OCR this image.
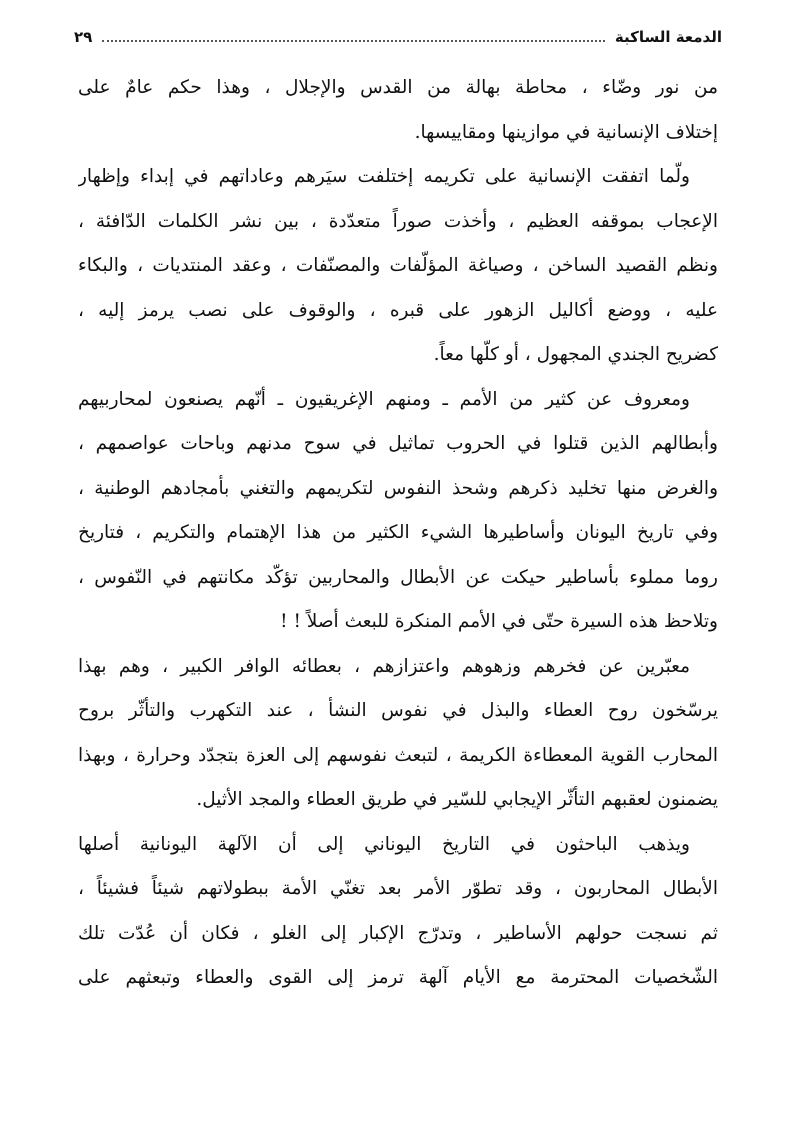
الدمعة الساكبة
٢٩
من نور وضّاء ، محاطة بهالة من القدس والإجلال ، وهذا حكم عامٌ على
إختلاف الإنسانية في موازينها ومقاييسها.
ولّما اتفقت الإنسانية على تكريمه إختلفت سيَرهم وعاداتهم في إبداء وإظهار
الإعجاب بموقفه العظيم ، وأخذت صوراً متعدّدة ، بين نشر الكلمات الدّافئة ،
ونظم القصيد الساخن ، وصياغة المؤلّفات والمصنّفات ، وعقد المنتديات ، والبكاء
عليه ، ووضع أكاليل الزهور على قبره ، والوقوف على نصب يرمز إليه ،
كضريح الجندي المجهول ، أو كلّها معاً.
ومعروف عن كثير من الأمم ـ ومنهم الإغريقيون ـ أنّهم يصنعون لمحاربيهم
وأبطالهم الذين قتلوا في الحروب تماثيل في سوح مدنهم وباحات عواصمهم ،
والغرض منها تخليد ذكرهم وشحذ النفوس لتكريمهم والتغني بأمجادهم الوطنية ،
وفي تاريخ اليونان وأساطيرها الشيء الكثير من هذا الإهتمام والتكريم ، فتاريخ
روما مملوء بأساطير حيكت عن الأبطال والمحاربين تؤكّد مكانتهم في النّفوس ،
وتلاحظ هذه السيرة حتّى في الأمم المنكرة للبعث أصلاً ! !
معبّرين عن فخرهم وزهوهم واعتزازهم ، بعطائه الوافر الكبير ، وهم بهذا
يرسّخون روح العطاء والبذل في نفوس النشأ ، عند التكهرب والتأثّر بروح
المحارب القوية المعطاءة الكريمة ، لتبعث نفوسهم إلى العزة بتجدّد وحرارة ، وبهذا
يضمنون لعقبهم التأثّر الإيجابي للسّير في طريق العطاء والمجد الأثيل.
ويذهب الباحثون في التاريخ اليوناني إلى أن الآلهة اليونانية أصلها
الأبطال المحاربون ، وقد تطوّر الأمر بعد تغنّي الأمة ببطولاتهم شيئاً فشيئاً ،
ثم نسجت حولهم الأساطير ، وتدرّج الإكبار إلى الغلو ، فكان أن عُدّت تلك
الشّخصيات المحترمة مع الأيام آلهة ترمز إلى القوى والعطاء وتبعثهم على
